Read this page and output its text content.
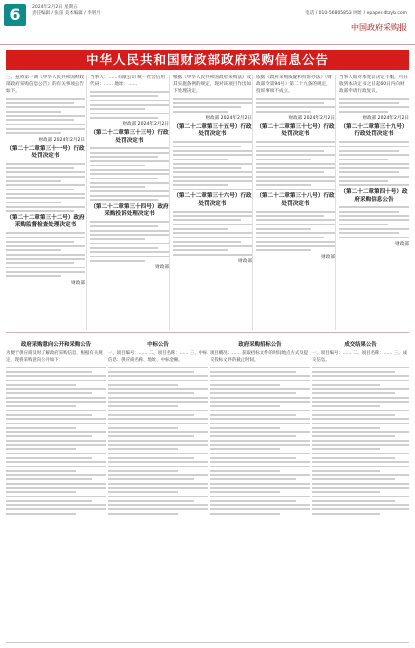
6	2024年2月2日 星期五
责任编辑 / 张雷 美术编辑 / 李明月	电话 / 010-56805853 网址 / epaper.dtzyb.com
中国政府采购报
中华人民共和国财政部政府采购信息公告
三、兹将第一期《中华人民共和国财政部政府采购信息公告》的有关事项公告如下。
财政部 2024年2月2日
（第二十二章第三十一号）行政处罚决定书
（第二十二章第三十二号）政府采购监督检查处理决定书
财政部
当事人：……有限公司 统一社会信用代码：…… 地址：……
财政部 2024年2月2日
（第二十二章第三十三号）行政处罚决定书
（第二十二章第三十四号）政府采购投诉处理决定书
财政部
根据《中华人民共和国政府采购法》及其实施条例的规定，现对该项目作出如下处理决定。
财政部 2024年2月2日
（第二十二章第三十五号）行政处罚决定书
（第二十二章第三十六号）行政处罚决定书
财政部
依据《政府采购质疑和投诉办法》（财政部令第94号）第二十九条的规定，投诉事项不成立。
财政部 2024年2月2日
（第二十二章第三十七号）行政处罚决定书
（第二十二章第三十八号）行政处罚决定书
财政部
当事人如对本处罚决定不服，可在收到本决定书之日起60日内向财政部申请行政复议。
财政部 2024年2月2日
（第二十二章第三十九号）行政处罚决定书
（第二十二章第四十号）政府采购信息公告
财政部
政府采购意向公开和采购公告
为便于供应商及时了解政府采购信息，根据有关规定，现将采购意向公开如下：
中标公告
一、项目编号：…… 二、项目名称：…… 三、中标信息：供应商名称、地址、中标金额。
政府采购招标公告
项目概况：…… 获取招标文件的时间地点方式及提交投标文件的截止时间。
成交结果公告
一、项目编号：…… 二、项目名称：…… 三、成交信息。
